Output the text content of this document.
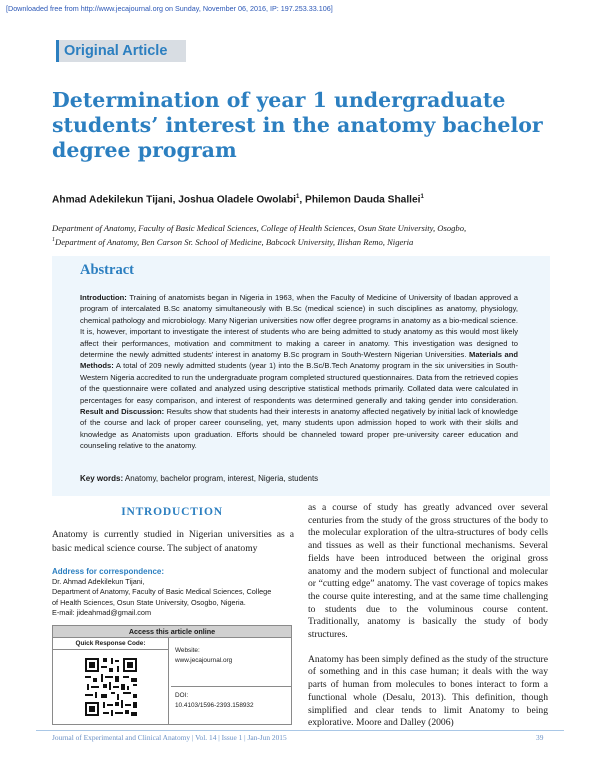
[Downloaded free from http://www.jecajournal.org on Sunday, November 06, 2016, IP: 197.253.33.106]
Original Article
Determination of year 1 undergraduate students’ interest in the anatomy bachelor degree program
Ahmad Adekilekun Tijani, Joshua Oladele Owolabi$^1$, Philemon Dauda Shallei$^1$
Department of Anatomy, Faculty of Basic Medical Sciences, College of Health Sciences, Osun State University, Osogbo,
$^1$Department of Anatomy, Ben Carson Sr. School of Medicine, Babcock University, Ilishan Remo, Nigeria
Abstract
Introduction: Training of anatomists began in Nigeria in 1963, when the Faculty of Medicine of University of Ibadan approved a program of intercalated B.Sc anatomy simultaneously with B.Sc (medical science) in such disciplines as anatomy, physiology, chemical pathology and microbiology. Many Nigerian universities now offer degree programs in anatomy as a bio-medical science. It is, however, important to investigate the interest of students who are being admitted to study anatomy as this would most likely affect their performances, motivation and commitment to making a career in anatomy. This investigation was designed to determine the newly admitted students’ interest in anatomy B.Sc program in South-Western Nigerian Universities. Materials and Methods: A total of 209 newly admitted students (year 1) into the B.Sc/B.Tech Anatomy program in the six universities in South-Western Nigeria accredited to run the undergraduate program completed structured questionnaires. Data from the retrieved copies of the questionnaire were collated and analyzed using descriptive statistical methods primarily. Collated data were calculated in percentages for easy comparison, and interest of respondents was determined generally and taking gender into consideration. Result and Discussion: Results show that students had their interests in anatomy affected negatively by initial lack of knowledge of the course and lack of proper career counseling, yet, many students upon admission hoped to work with their skills and knowledge as Anatomists upon graduation. Efforts should be channeled toward proper pre-university career education and counseling relative to the anatomy.
Key words: Anatomy, bachelor program, interest, Nigeria, students
INTRODUCTION

Anatomy is currently studied in Nigerian universities as a basic medical science course. The subject of anatomy

Address for correspondence:
Dr. Ahmad Adekilekun Tijani,
Department of Anatomy, Faculty of Basic Medical Sciences, College
of Health Sciences, Osun State University, Osogbo, Nigeria.
E-mail: jideahmad@gmail.com
Access this article online
Quick Response Code:
Website:
www.jecajournal.org
DOI:
10.4103/1596-2393.158932

as a course of study has greatly advanced over several centuries from the study of the gross structures of the body to the molecular exploration of the ultra-structures of body cells and tissues as well as their functional mechanisms. Several fields have been introduced between the original gross anatomy and the modern subject of functional and molecular or “cutting edge” anatomy. The vast coverage of topics makes the course quite interesting, and at the same time challenging to students due to the voluminous course content. Traditionally, anatomy is basically the study of body structures.

Anatomy has been simply defined as the study of the structure of something and in this case human; it deals with the way parts of human from molecules to bones interact to form a functional whole (Desalu, 2013). This definition, though simplified and clear tends to limit Anatomy to being explorative. Moore and Dalley (2006)

Journal of Experimental and Clinical Anatomy | Vol. 14 | Issue 1 | Jan-Jun 2015	39
